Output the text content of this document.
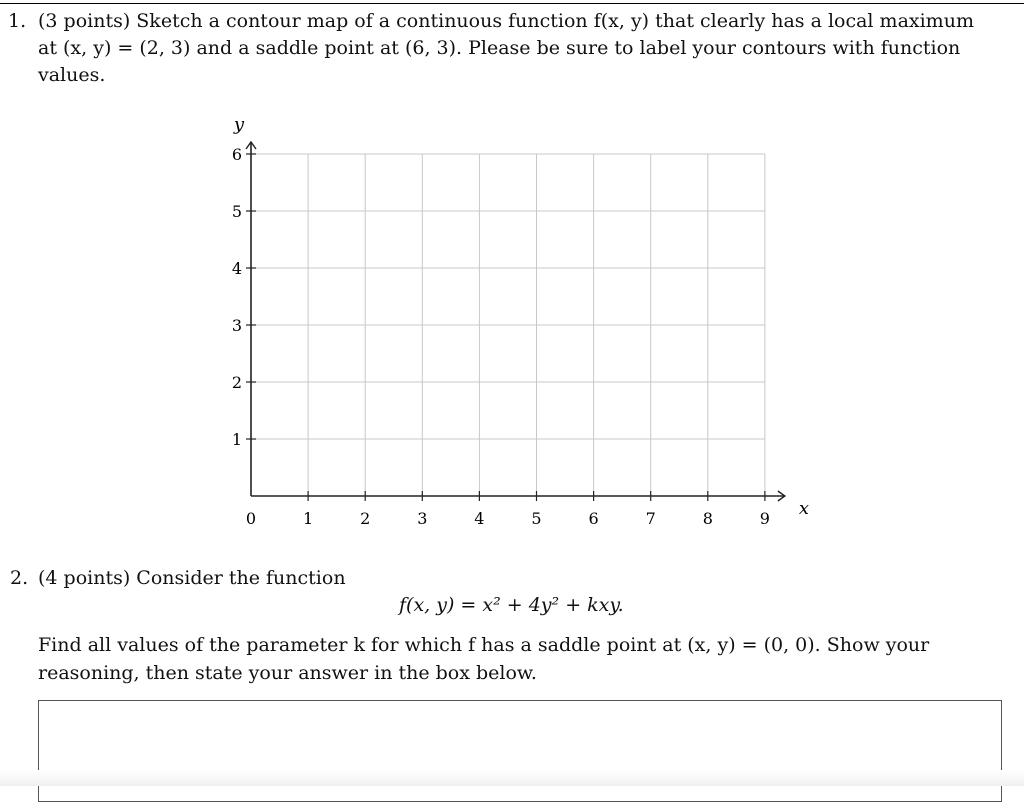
1. (3 points) Sketch a contour map of a continuous function f(x, y) that clearly has a local maximum
at (x, y) = (2, 3) and a saddle point at (6, 3). Please be sure to label your contours with function
values.
0	1	2	3	4	5	6	7	8	9
1
2
3
4
5
6
x
y
2. (4 points) Consider the function
f(x, y) = x² + 4y² + kxy.
Find all values of the parameter k for which f has a saddle point at (x, y) = (0, 0). Show your
reasoning, then state your answer in the box below.
